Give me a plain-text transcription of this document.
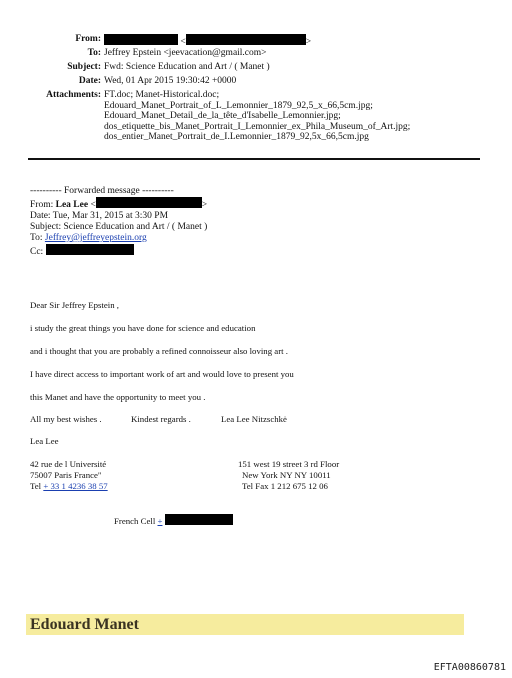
From:	<	>
To: Jeffrey Epstein <jeevacation@gmail.com>
Subject: Fwd: Science Education and Art / ( Manet )
Date: Wed, 01 Apr 2015 19:30:42 +0000
Attachments: FT.doc; Manet-Historical.doc;
Edouard_Manet_Portrait_of_L_Lemonnier_1879_92,5_x_66,5cm.jpg;
Edouard_Manet_Detail_de_la_tête_d'Isabelle_Lemonnier.jpg;
dos_etiquette_bis_Manet_Portrait_I_Lemonnier_ex_Phila_Museum_of_Art.jpg;
dos_entier_Manet_Portrait_de_I.Lemonnier_1879_92,5x_66,5cm.jpg
---------- Forwarded message ----------
From: Lea Lee <	>
Date: Tue, Mar 31, 2015 at 3:30 PM
Subject: Science Education and Art / ( Manet )
To: Jeffrey@jeffreyepstein.org
Cc:
Dear Sir Jeffrey Epstein ,
i study the great things you have done for science and education
and i thought that you are probably a refined connoisseur also loving art .
I have direct access to important work of art and would love to present you
this Manet and have the opportunity to meet you .
All my best wishes .	Kindest regards .	Lea Lee Nitzschkė
Lea Lee
42 rue de l Université
75007 Paris France"
Tel + 33 1 4236 38 57
151 west 19 street 3 rd Floor
New York NY NY 10011
Tel Fax 1 212 675 12 06
French Cell +
Edouard Manet
EFTA00860781
